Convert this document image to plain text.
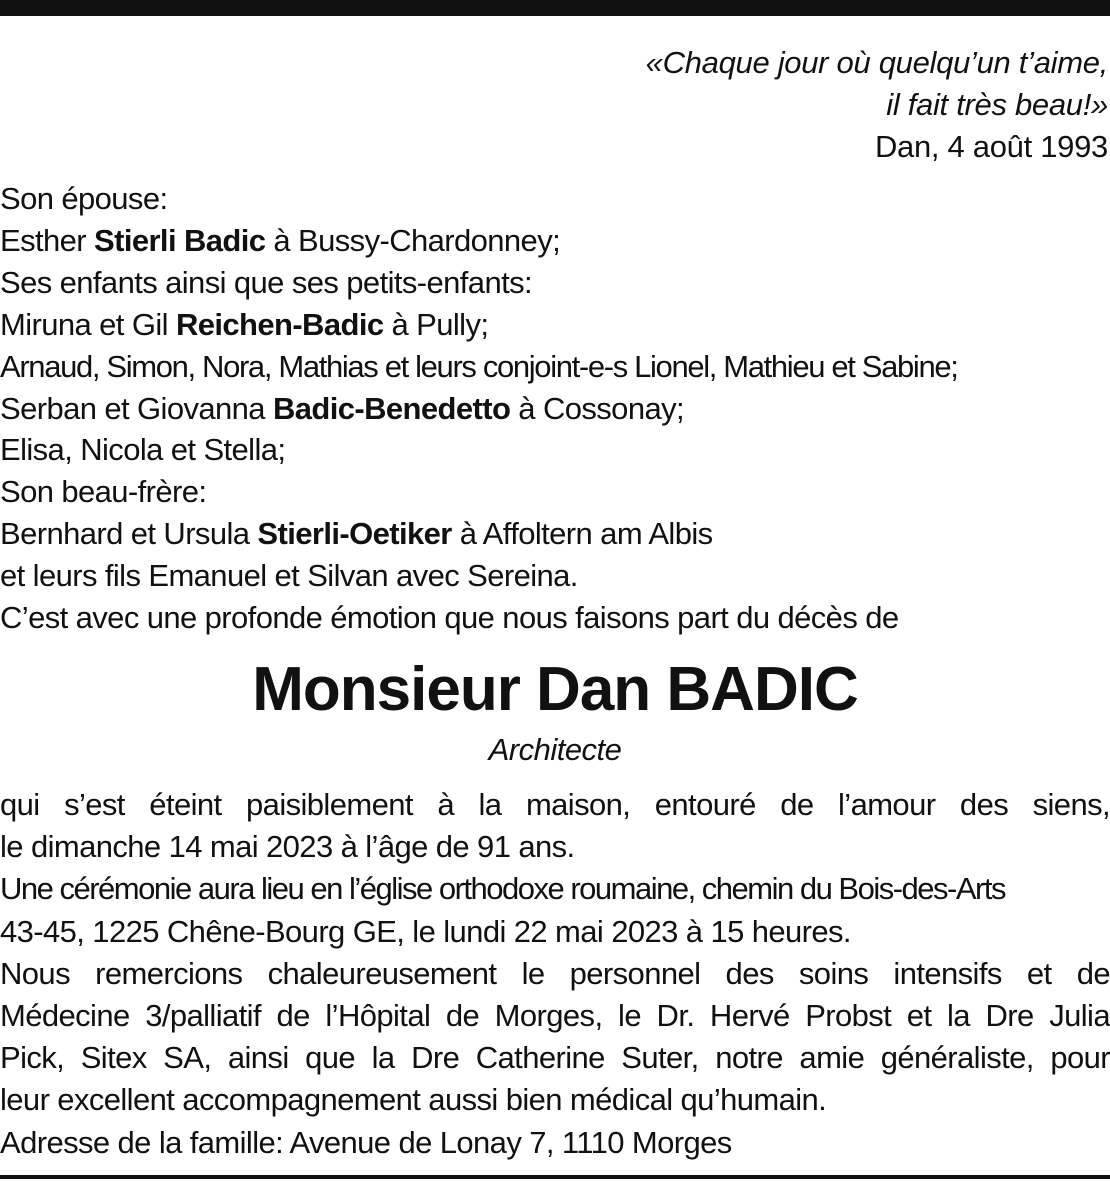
«Chaque jour où quelqu’un t’aime,
il fait très beau!»
Dan, 4 août 1993
Son épouse:
Esther Stierli Badic à Bussy-Chardonney;
Ses enfants ainsi que ses petits-enfants:
Miruna et Gil Reichen-Badic à Pully;
Arnaud, Simon, Nora, Mathias et leurs conjoint-e-s Lionel, Mathieu et Sabine;
Serban et Giovanna Badic-Benedetto à Cossonay;
Elisa, Nicola et Stella;
Son beau-frère:
Bernhard et Ursula Stierli-Oetiker à Affoltern am Albis
et leurs fils Emanuel et Silvan avec Sereina.
C’est avec une profonde émotion que nous faisons part du décès de
Monsieur Dan BADIC
Architecte
qui s’est éteint paisiblement à la maison, entouré de l’amour des siens,
le dimanche 14 mai 2023 à l’âge de 91 ans.
Une cérémonie aura lieu en l’église orthodoxe roumaine, chemin du Bois-des-Arts
43-45, 1225 Chêne-Bourg GE, le lundi 22 mai 2023 à 15 heures.
Nous remercions chaleureusement le personnel des soins intensifs et de
Médecine 3/palliatif de l’Hôpital de Morges, le Dr. Hervé Probst et la Dre Julia
Pick, Sitex SA, ainsi que la Dre Catherine Suter, notre amie généraliste, pour
leur excellent accompagnement aussi bien médical qu’humain.
Adresse de la famille: Avenue de Lonay 7, 1110 Morges
